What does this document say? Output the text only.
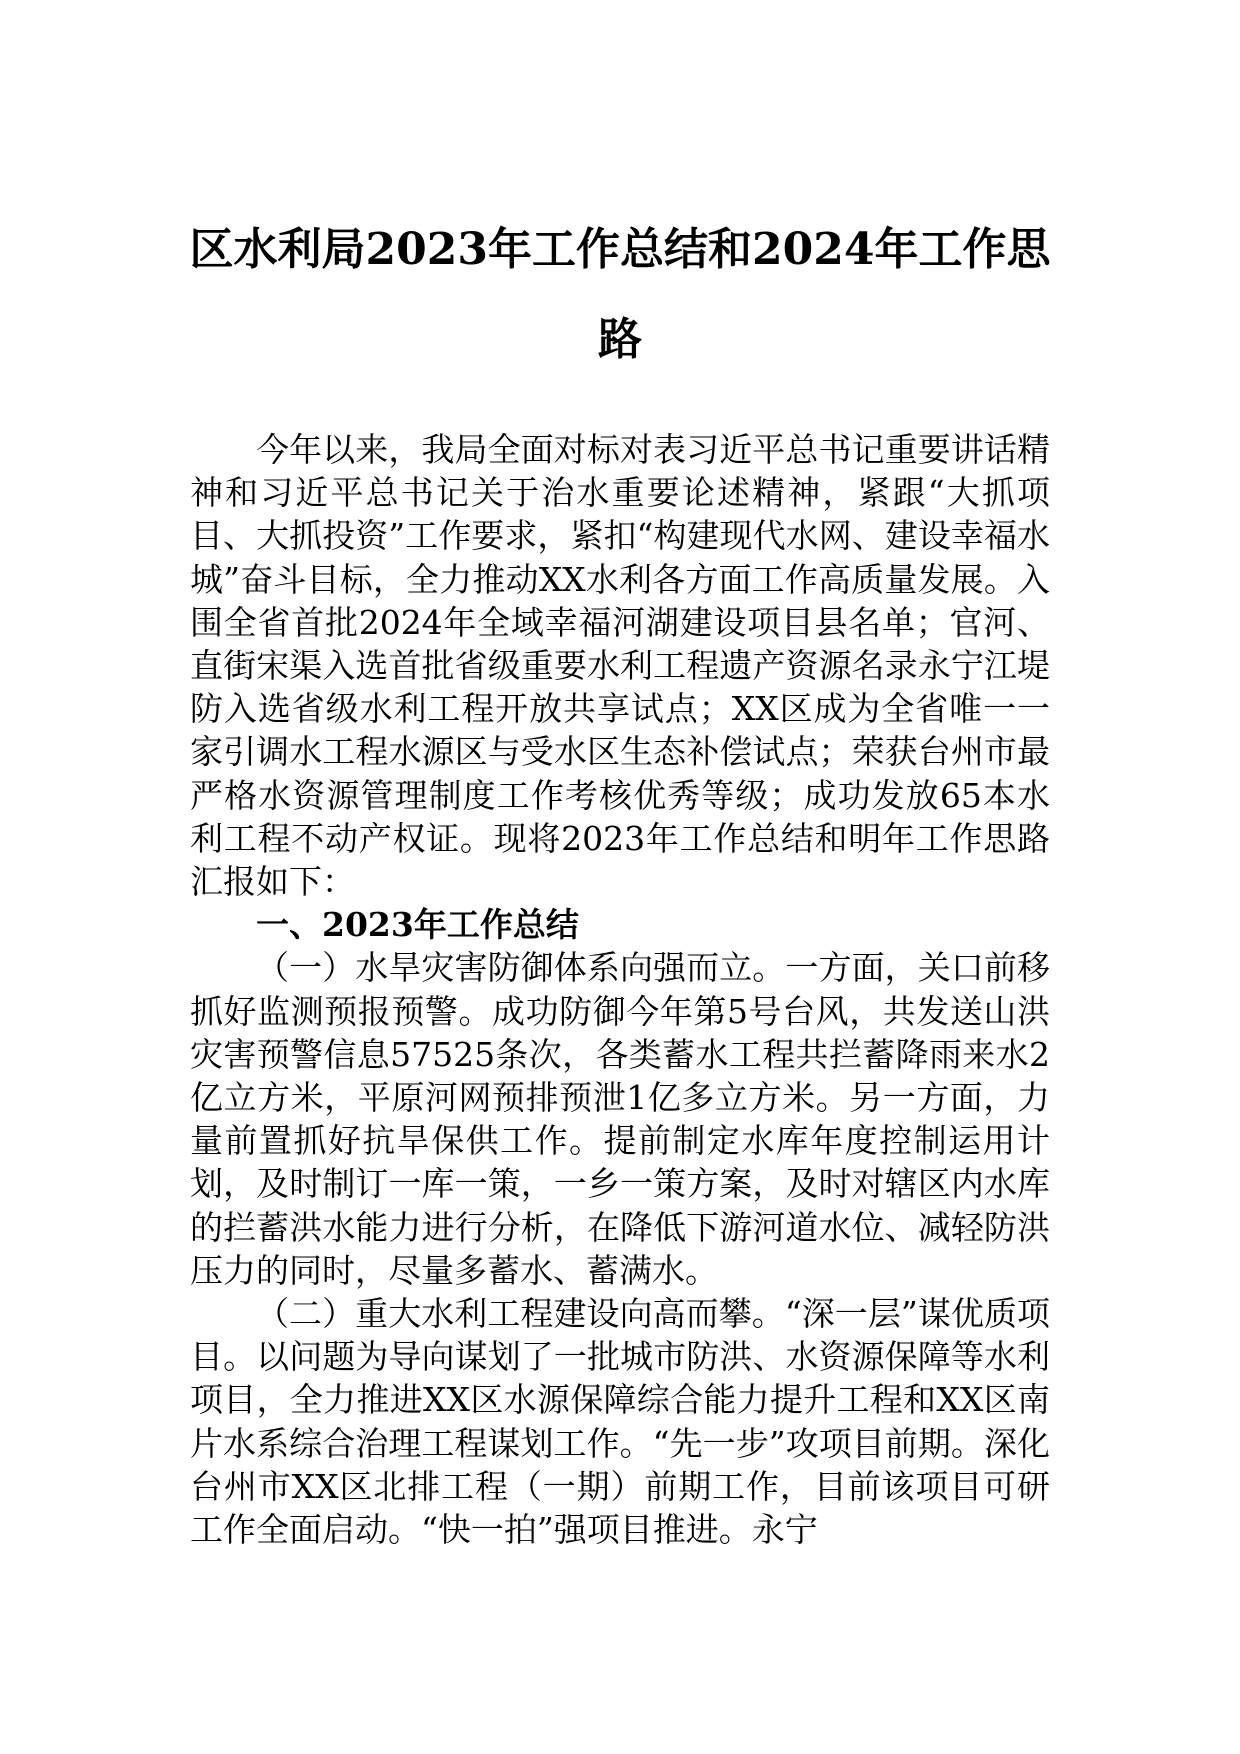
区水利局2023年工作总结和2024年工作思
路

今年以来，我局全面对标对表习近平总书记重要讲话精神和习近平总书记关于治水重要论述精神，紧跟“大抓项目、大抓投资”工作要求，紧扣“构建现代水网、建设幸福水城”奋斗目标，全力推动XX水利各方面工作高质量发展。入围全省首批2024年全域幸福河湖建设项目县名单；官河、直街宋渠入选首批省级重要水利工程遗产资源名录永宁江堤防入选省级水利工程开放共享试点；XX区成为全省唯一一家引调水工程水源区与受水区生态补偿试点；荣获台州市最严格水资源管理制度工作考核优秀等级；成功发放65本水利工程不动产权证。现将2023年工作总结和明年工作思路汇报如下：

一、2023年工作总结

（一）水旱灾害防御体系向强而立。一方面，关口前移抓好监测预报预警。成功防御今年第5号台风，共发送山洪灾害预警信息57525条次，各类蓄水工程共拦蓄降雨来水2亿立方米，平原河网预排预泄1亿多立方米。另一方面，力量前置抓好抗旱保供工作。提前制定水库年度控制运用计划，及时制订一库一策，一乡一策方案，及时对辖区内水库的拦蓄洪水能力进行分析，在降低下游河道水位、减轻防洪压力的同时，尽量多蓄水、蓄满水。

（二）重大水利工程建设向高而攀。“深一层”谋优质项目。以问题为导向谋划了一批城市防洪、水资源保障等水利项目，全力推进XX区水源保障综合能力提升工程和XX区南片水系综合治理工程谋划工作。“先一步”攻项目前期。深化台州市XX区北排工程（一期）前期工作，目前该项目可研工作全面启动。“快一拍”强项目推进。永宁
